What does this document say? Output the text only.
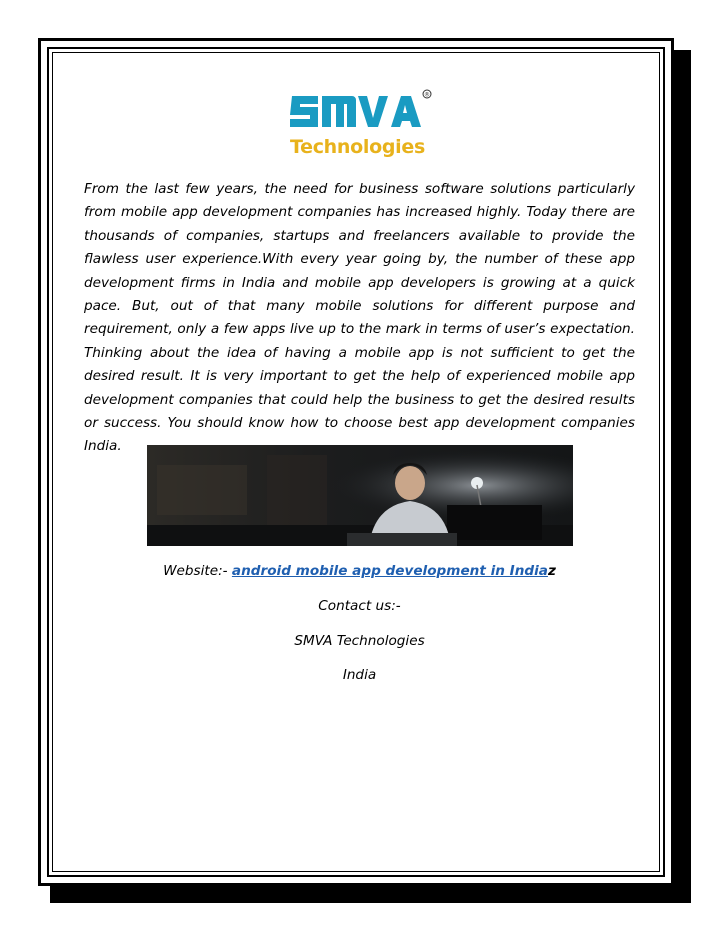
®
Technologies

From the last few years, the need for business software solutions particularly from mobile app development companies has increased highly. Today there are thousands of companies, startups and freelancers available to provide the flawless user experience.With every year going by, the number of these app development firms in India and mobile app developers is growing at a quick pace. But, out of that many mobile solutions for different purpose and requirement, only a few apps live up to the mark in terms of user’s expectation. Thinking about the idea of having a mobile app is not sufficient to get the desired result. It is very important to get the help of experienced mobile app development companies that could help the business to get the desired results or success. You should know how to choose best app development companies India.

Website:- android mobile app development in Indiaz
Contact us:-
SMVA Technologies
India
